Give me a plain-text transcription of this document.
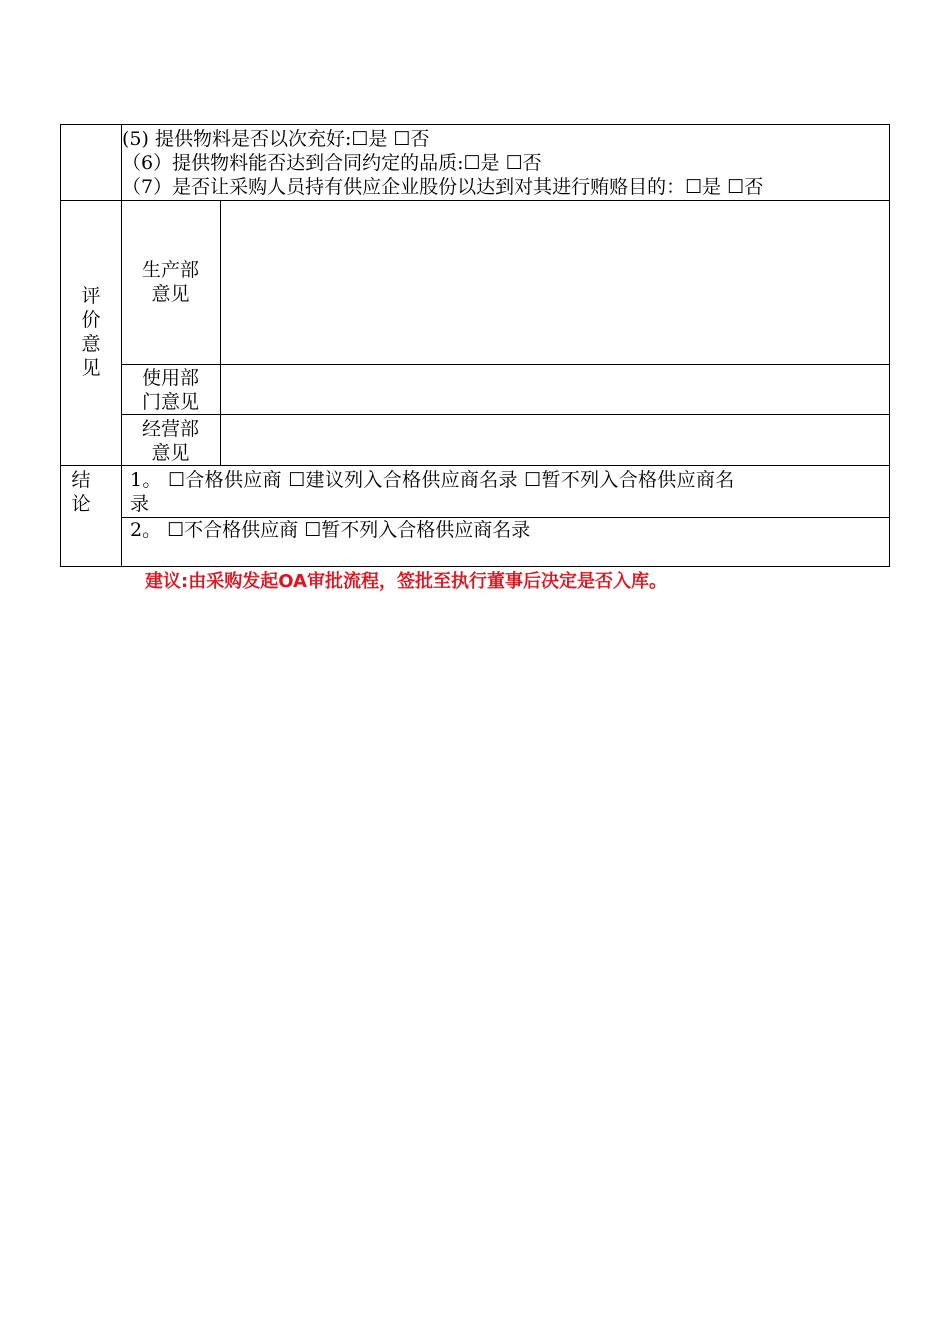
(5) 提供物料是否以次充好:☐是 ☐否
（6）提供物料能否达到合同约定的品质:☐是 ☐否
（7）是否让采购人员持有供应企业股份以达到对其进行贿赂目的：☐是 ☐否
评价意见
生产部
意见
使用部
门意见
经营部
意见
结论
1。 ☐合格供应商 ☐建议列入合格供应商名录 ☐暂不列入合格供应商名
录
2。 ☐不合格供应商 ☐暂不列入合格供应商名录
建议:由采购发起OA审批流程，签批至执行董事后决定是否入库。
